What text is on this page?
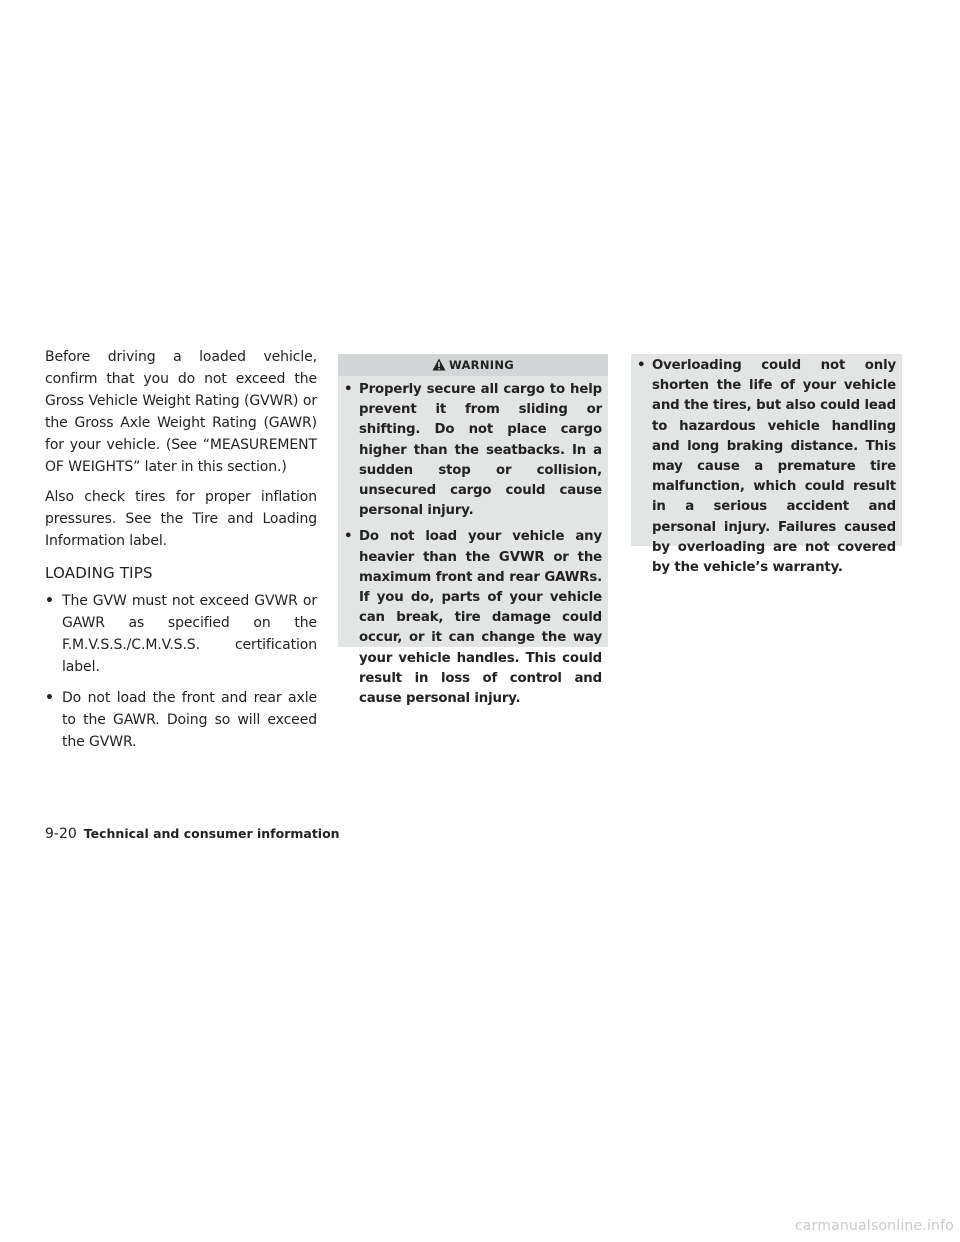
Before driving a loaded vehicle, confirm that you do not exceed the Gross Vehicle Weight Rating (GVWR) or the Gross Axle Weight Rating (GAWR) for your vehicle. (See “MEASUREMENT OF WEIGHTS” later in this section.)

Also check tires for proper inflation pressures. See the Tire and Loading Information label.

LOADING TIPS
• The GVW must not exceed GVWR or GAWR as specified on the F.M.V.S.S./C.M.V.S.S. certification label.
• Do not load the front and rear axle to the GAWR. Doing so will exceed the GVWR.
WARNING
• Properly secure all cargo to help prevent it from sliding or shifting. Do not place cargo higher than the seatbacks. In a sudden stop or collision, unsecured cargo could cause personal injury.
• Do not load your vehicle any heavier than the GVWR or the maximum front and rear GAWRs. If you do, parts of your vehicle can break, tire damage could occur, or it can change the way your vehicle handles. This could result in loss of control and cause personal injury.
• Overloading could not only shorten the life of your vehicle and the tires, but also could lead to hazardous vehicle handling and long braking distance. This may cause a premature tire malfunction, which could result in a serious accident and personal injury. Failures caused by overloading are not covered by the vehicle’s warranty.
9-20 Technical and consumer information
carmanualsonline.info
